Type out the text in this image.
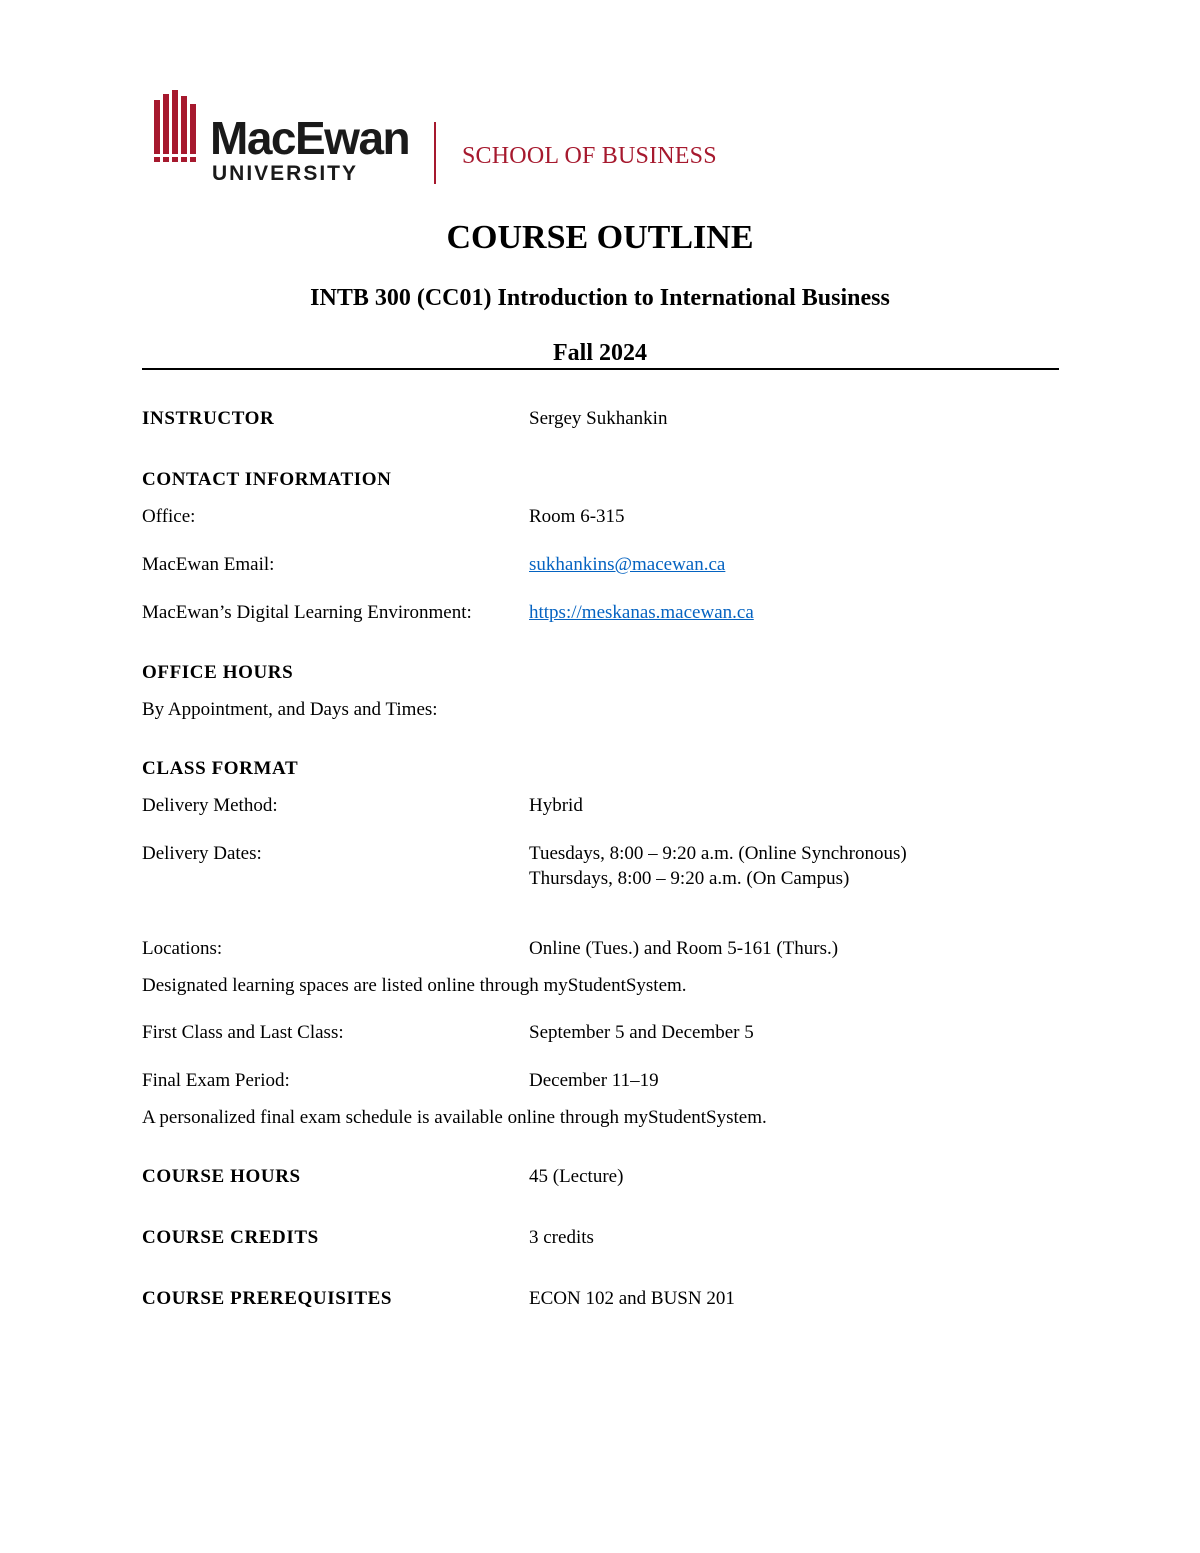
MacEwan
UNIVERSITY
SCHOOL OF BUSINESS
COURSE OUTLINE
INTB 300 (CC01) Introduction to International Business
Fall 2024
INSTRUCTOR	Sergey Sukhankin
CONTACT INFORMATION
Office:	Room 6-315
MacEwan Email:	sukhankins@macewan.ca
MacEwan’s Digital Learning Environment:	https://meskanas.macewan.ca
OFFICE HOURS
By Appointment, and Days and Times:
CLASS FORMAT
Delivery Method:	Hybrid
Delivery Dates:	Tuesdays, 8:00 – 9:20 a.m. (Online Synchronous)
Thursdays, 8:00 – 9:20 a.m. (On Campus)
Locations:	Online (Tues.) and Room 5-161 (Thurs.)
Designated learning spaces are listed online through myStudentSystem.
First Class and Last Class:	September 5 and December 5
Final Exam Period:	December 11–19
A personalized final exam schedule is available online through myStudentSystem.
COURSE HOURS	45 (Lecture)
COURSE CREDITS	3 credits
COURSE PREREQUISITES	ECON 102 and BUSN 201
